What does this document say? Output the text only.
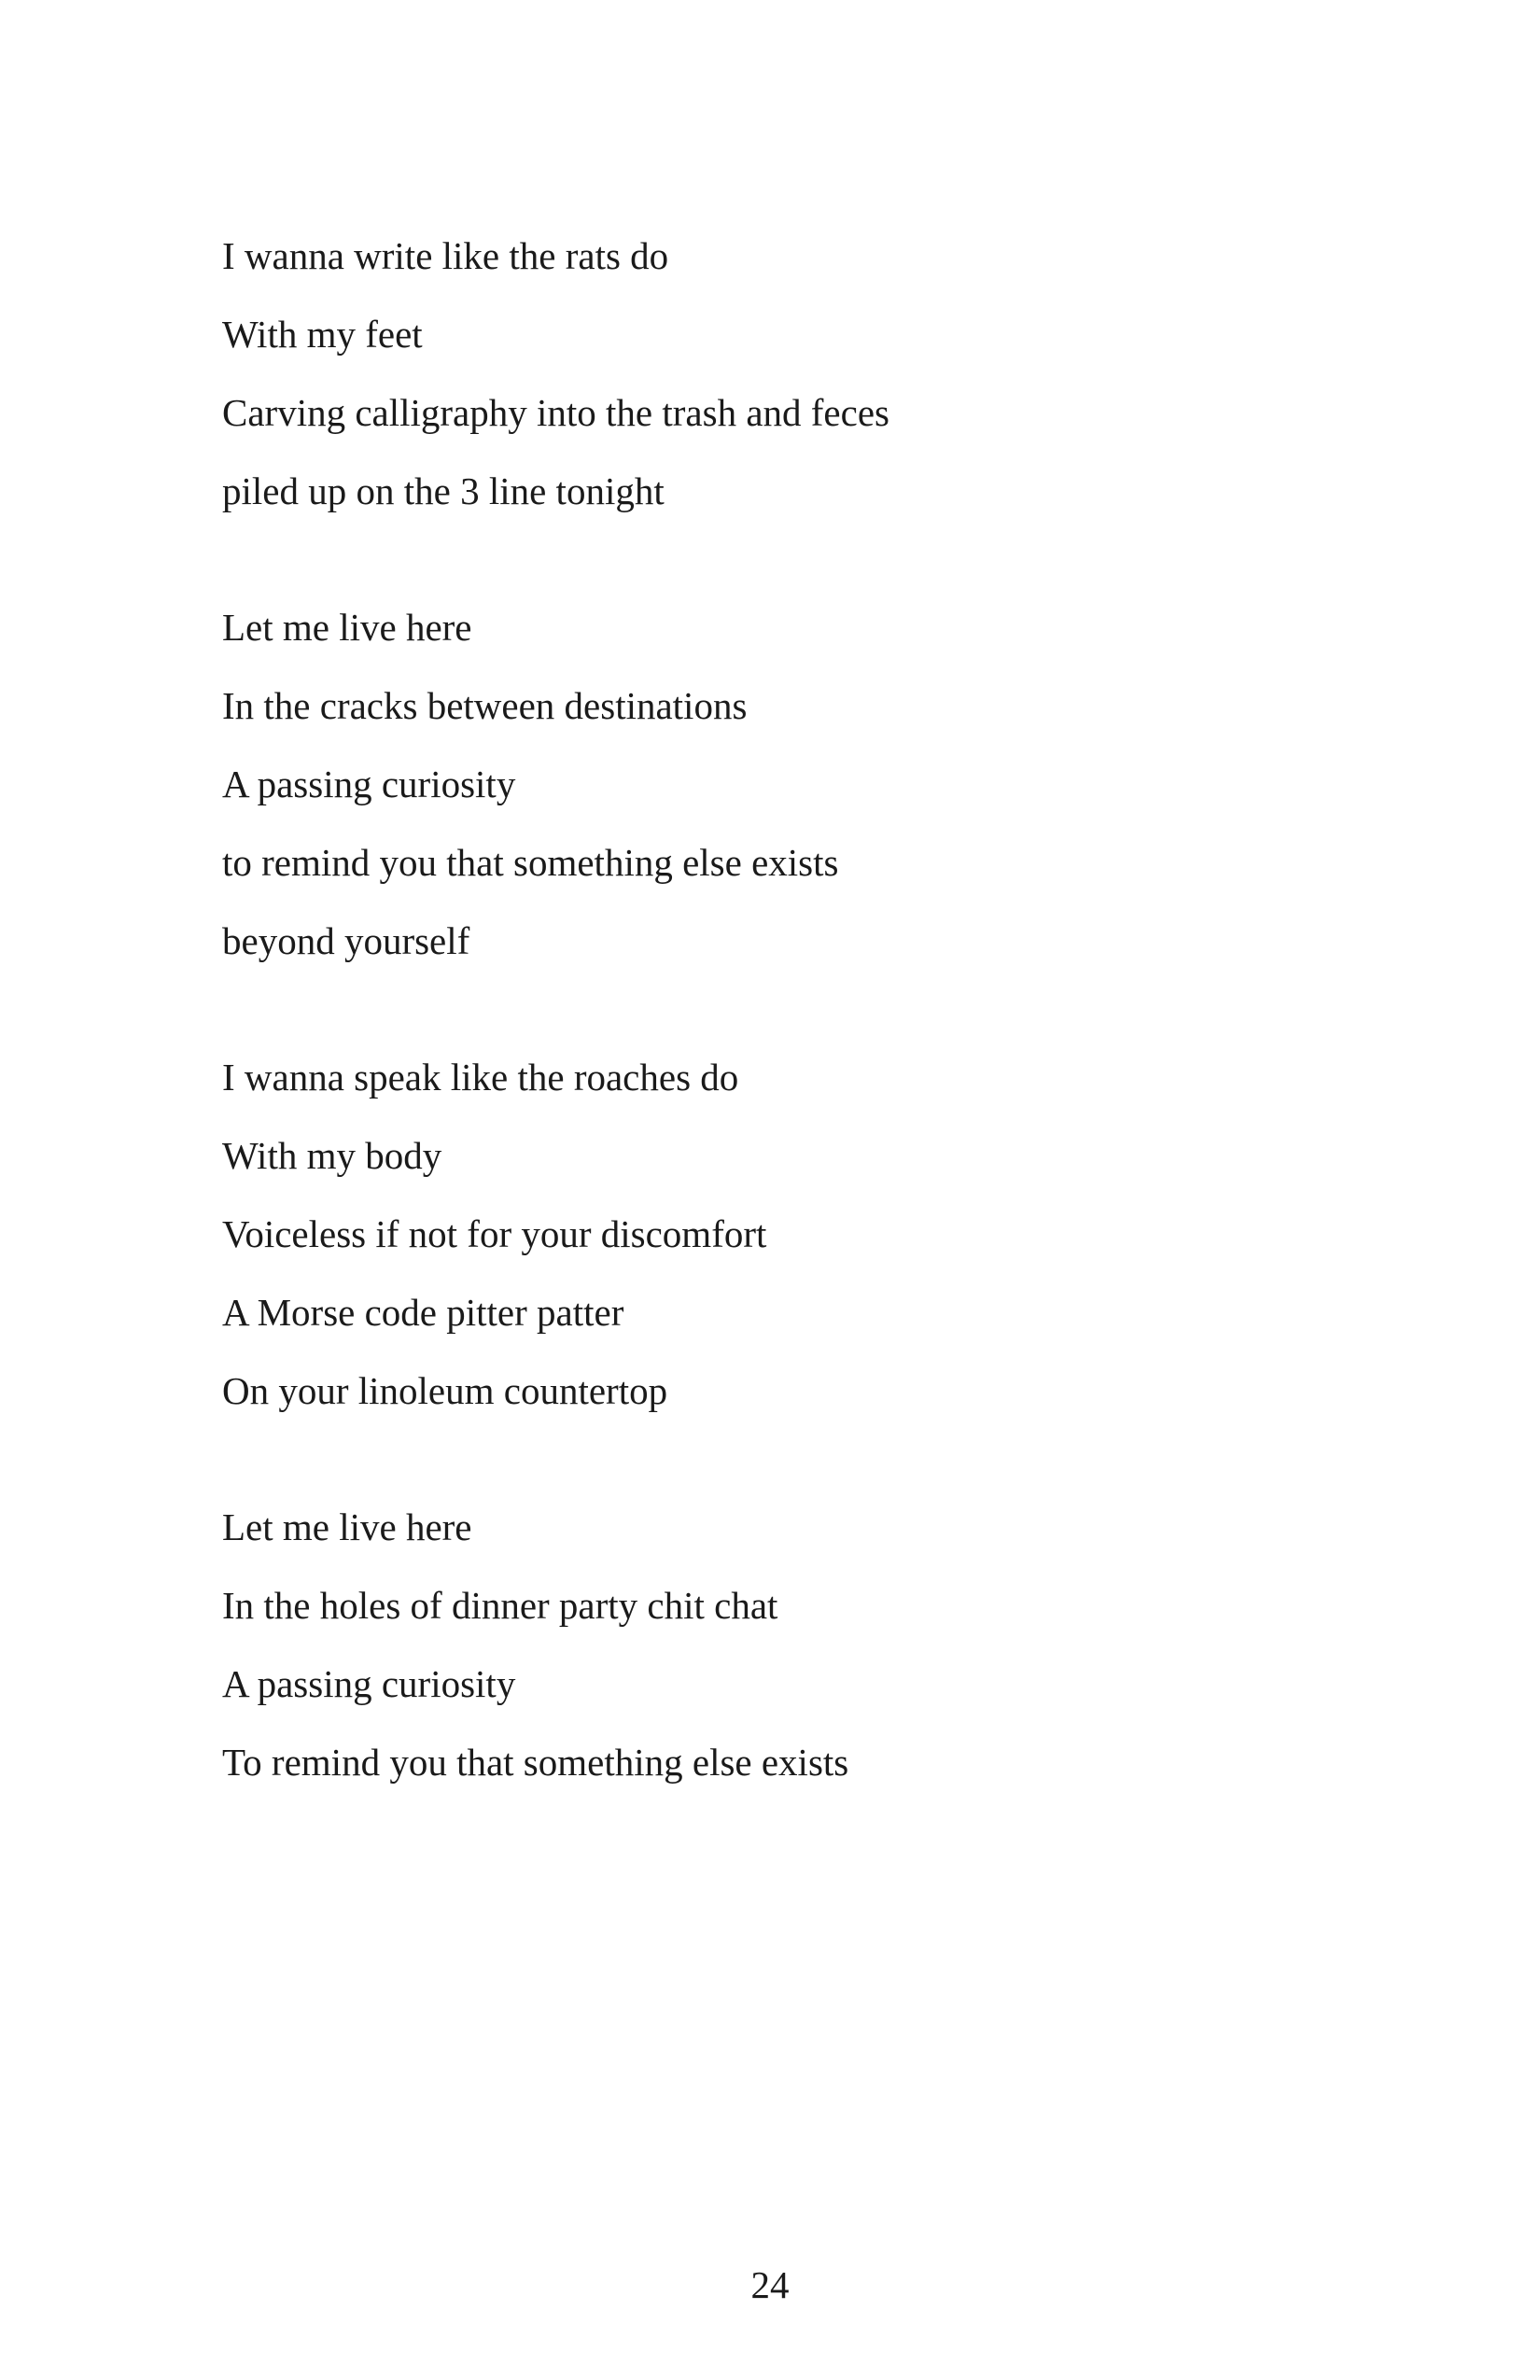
I wanna write like the rats do
With my feet
Carving calligraphy into the trash and feces
piled up on the 3 line tonight
Let me live here
In the cracks between destinations
A passing curiosity
to remind you that something else exists
beyond yourself
I wanna speak like the roaches do
With my body
Voiceless if not for your discomfort
A Morse code pitter patter
On your linoleum countertop
Let me live here
In the holes of dinner party chit chat
A passing curiosity
To remind you that something else exists
24
